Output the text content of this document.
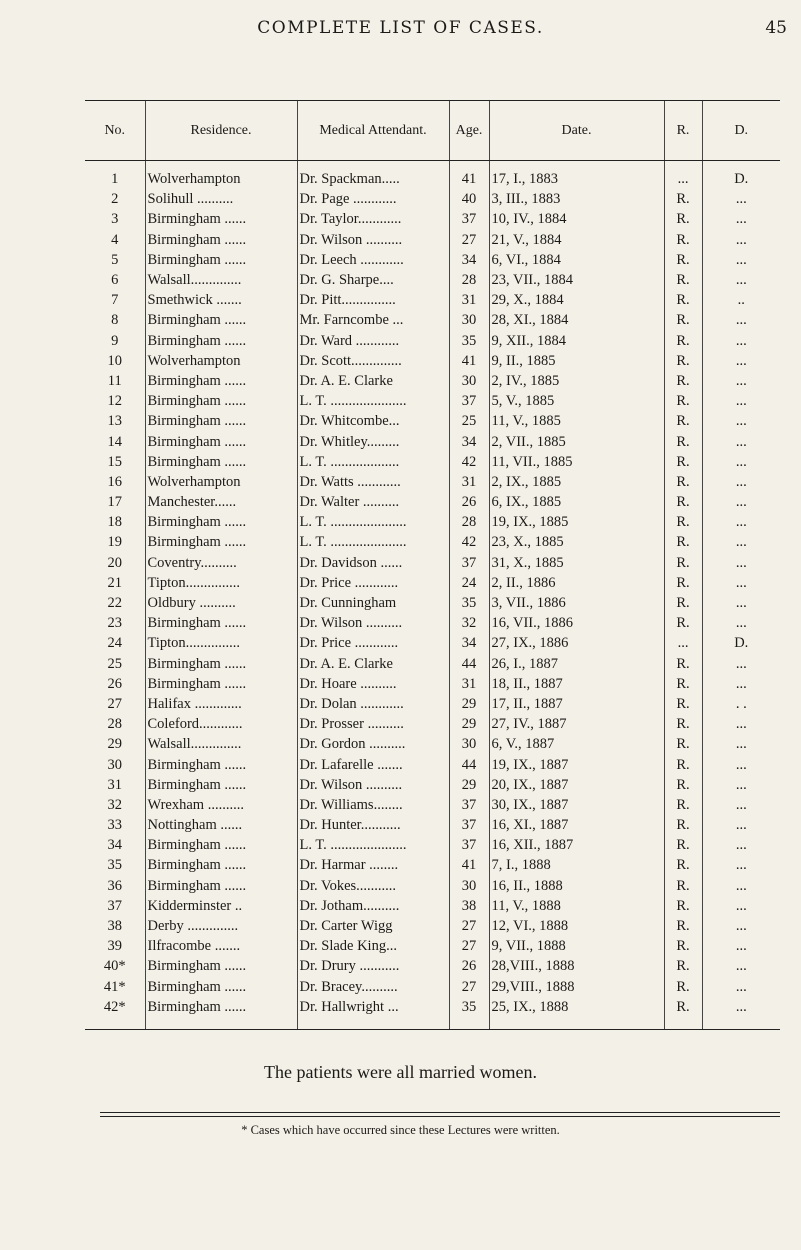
COMPLETE LIST OF CASES.	45
No.	Residence.	Medical Attendant.	Age.	Date.	R.	D.
1	Wolverhampton	Dr. Spackman.....	41	17, I., 1883	...	D.
2	Solihull ..........	Dr. Page ............	40	3, III., 1883	R.	...
3	Birmingham ......	Dr. Taylor............	37	10, IV., 1884	R.	...
4	Birmingham ......	Dr. Wilson ..........	27	21, V., 1884	R.	...
5	Birmingham ......	Dr. Leech ............	34	6, VI., 1884	R.	...
6	Walsall..............	Dr. G. Sharpe....	28	23, VII., 1884	R.	...
7	Smethwick .......	Dr. Pitt...............	31	29, X., 1884	R.	..
8	Birmingham ......	Mr. Farncombe ...	30	28, XI., 1884	R.	...
9	Birmingham ......	Dr. Ward ............	35	9, XII., 1884	R.	...
10	Wolverhampton	Dr. Scott..............	41	9, II., 1885	R.	...
11	Birmingham ......	Dr. A. E. Clarke	30	2, IV., 1885	R.	...
12	Birmingham ......	L. T. .....................	37	5, V., 1885	R.	...
13	Birmingham ......	Dr. Whitcombe...	25	11, V., 1885	R.	...
14	Birmingham ......	Dr. Whitley.........	34	2, VII., 1885	R.	...
15	Birmingham ......	L. T. ...................	42	11, VII., 1885	R.	...
16	Wolverhampton	Dr. Watts ............	31	2, IX., 1885	R.	...
17	Manchester......	Dr. Walter ..........	26	6, IX., 1885	R.	...
18	Birmingham ......	L. T. .....................	28	19, IX., 1885	R.	...
19	Birmingham ......	L. T. .....................	42	23, X., 1885	R.	...
20	Coventry..........	Dr. Davidson ......	37	31, X., 1885	R.	...
21	Tipton...............	Dr. Price ............	24	2, II., 1886	R.	...
22	Oldbury ..........	Dr. Cunningham	35	3, VII., 1886	R.	...
23	Birmingham ......	Dr. Wilson ..........	32	16, VII., 1886	R.	...
24	Tipton...............	Dr. Price ............	34	27, IX., 1886	...	D.
25	Birmingham ......	Dr. A. E. Clarke	44	26, I., 1887	R.	...
26	Birmingham ......	Dr. Hoare ..........	31	18, II., 1887	R.	...
27	Halifax .............	Dr. Dolan ............	29	17, II., 1887	R.	. .
28	Coleford............	Dr. Prosser ..........	29	27, IV., 1887	R.	...
29	Walsall..............	Dr. Gordon ..........	30	6, V., 1887	R.	...
30	Birmingham ......	Dr. Lafarelle .......	44	19, IX., 1887	R.	...
31	Birmingham ......	Dr. Wilson ..........	29	20, IX., 1887	R.	...
32	Wrexham ..........	Dr. Williams........	37	30, IX., 1887	R.	...
33	Nottingham ......	Dr. Hunter...........	37	16, XI., 1887	R.	...
34	Birmingham ......	L. T. .....................	37	16, XII., 1887	R.	...
35	Birmingham ......	Dr. Harmar ........	41	7, I., 1888	R.	...
36	Birmingham ......	Dr. Vokes...........	30	16, II., 1888	R.	...
37	Kidderminster ..	Dr. Jotham..........	38	11, V., 1888	R.	...
38	Derby ..............	Dr. Carter Wigg	27	12, VI., 1888	R.	...
39	Ilfracombe .......	Dr. Slade King...	27	9, VII., 1888	R.	...
40*	Birmingham ......	Dr. Drury ...........	26	28,VIII., 1888	R.	...
41*	Birmingham ......	Dr. Bracey..........	27	29,VIII., 1888	R.	...
42*	Birmingham ......	Dr. Hallwright ...	35	25, IX., 1888	R.	...
The patients were all married women.
* Cases which have occurred since these Lectures were written.
